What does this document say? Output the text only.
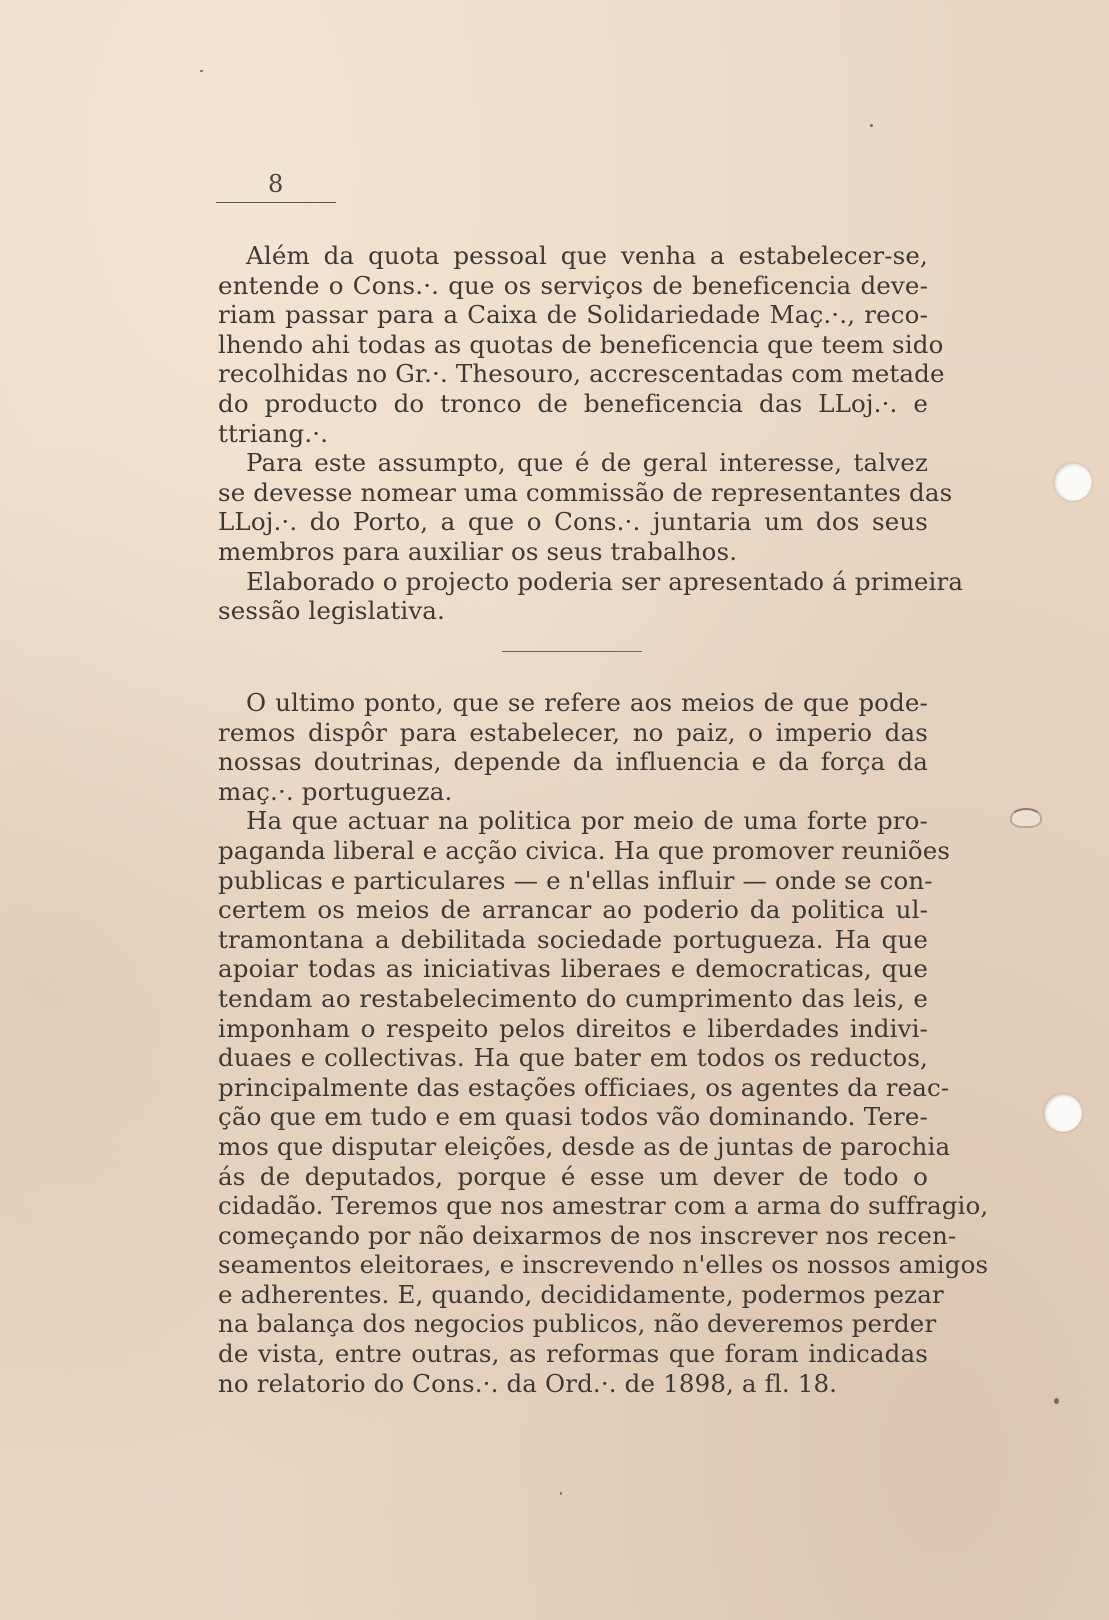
8
Além da quota pessoal que venha a estabelecer-se,
entende o Cons.·. que os serviços de beneficencia deve-
riam passar para a Caixa de Solidariedade Maç.·., reco-
lhendo ahi todas as quotas de beneficencia que teem sido
recolhidas no Gr.·. Thesouro, accrescentadas com metade
do producto do tronco de beneficencia das LLoj.·. e
ttriang.·.
Para este assumpto, que é de geral interesse, talvez
se devesse nomear uma commissão de representantes das
LLoj.·. do Porto, a que o Cons.·. juntaria um dos seus
membros para auxiliar os seus trabalhos.
Elaborado o projecto poderia ser apresentado á primeira
sessão legislativa.
O ultimo ponto, que se refere aos meios de que pode-
remos dispôr para estabelecer, no paiz, o imperio das
nossas doutrinas, depende da influencia e da força da
maç.·. portugueza.
Ha que actuar na politica por meio de uma forte pro-
paganda liberal e acção civica. Ha que promover reuniões
publicas e particulares — e n'ellas influir — onde se con-
certem os meios de arrancar ao poderio da politica ul-
tramontana a debilitada sociedade portugueza. Ha que
apoiar todas as iniciativas liberaes e democraticas, que
tendam ao restabelecimento do cumprimento das leis, e
imponham o respeito pelos direitos e liberdades indivi-
duaes e collectivas. Ha que bater em todos os reductos,
principalmente das estações officiaes, os agentes da reac-
ção que em tudo e em quasi todos vão dominando. Tere-
mos que disputar eleições, desde as de juntas de parochia
ás de deputados, porque é esse um dever de todo o
cidadão. Teremos que nos amestrar com a arma do suffragio,
começando por não deixarmos de nos inscrever nos recen-
seamentos eleitoraes, e inscrevendo n'elles os nossos amigos
e adherentes. E, quando, decididamente, podermos pezar
na balança dos negocios publicos, não deveremos perder
de vista, entre outras, as reformas que foram indicadas
no relatorio do Cons.·. da Ord.·. de 1898, a fl. 18.
